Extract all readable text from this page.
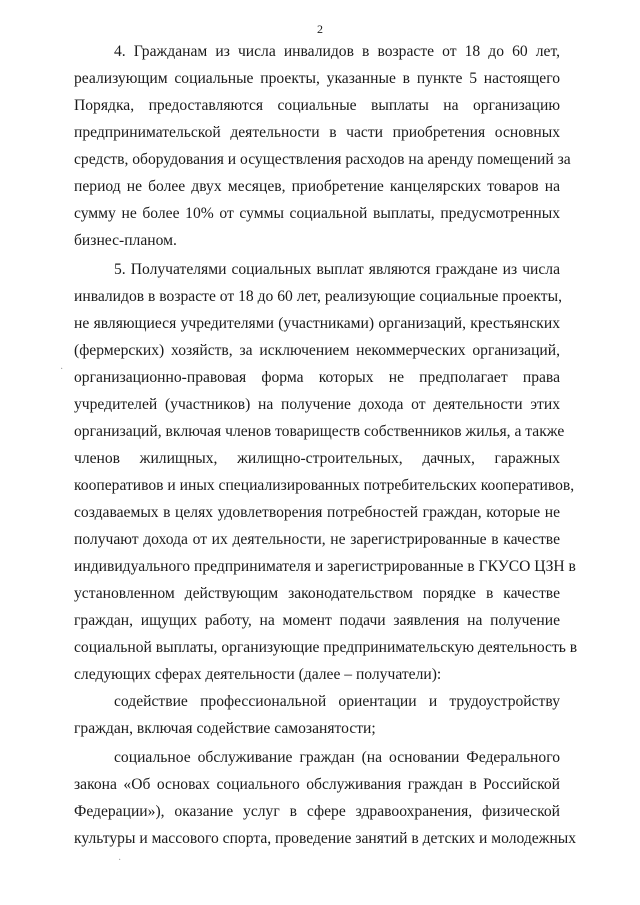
2
4. Гражданам из числа инвалидов в возрасте от 18 до 60 лет,
реализующим социальные проекты, указанные в пункте 5 настоящего
Порядка, предоставляются социальные выплаты на организацию
предпринимательской деятельности в части приобретения основных
средств, оборудования и осуществления расходов на аренду помещений за
период не более двух месяцев, приобретение канцелярских товаров на
сумму не более 10% от суммы социальной выплаты, предусмотренных
бизнес-планом.
5. Получателями социальных выплат являются граждане из числа
инвалидов в возрасте от 18 до 60 лет, реализующие социальные проекты,
не являющиеся учредителями (участниками) организаций, крестьянских
(фермерских) хозяйств, за исключением некоммерческих организаций,
организационно-правовая форма которых не предполагает права
учредителей (участников) на получение дохода от деятельности этих
организаций, включая членов товариществ собственников жилья, а также
членов жилищных, жилищно-строительных, дачных, гаражных
кооперативов и иных специализированных потребительских кооперативов,
создаваемых в целях удовлетворения потребностей граждан, которые не
получают дохода от их деятельности, не зарегистрированные в качестве
индивидуального предпринимателя и зарегистрированные в ГКУСО ЦЗН в
установленном действующим законодательством порядке в качестве
граждан, ищущих работу, на момент подачи заявления на получение
социальной выплаты, организующие предпринимательскую деятельность в
следующих сферах деятельности (далее – получатели):
содействие профессиональной ориентации и трудоустройству
граждан, включая содействие самозанятости;
социальное обслуживание граждан (на основании Федерального
закона «Об основах социального обслуживания граждан в Российской
Федерации»), оказание услуг в сфере здравоохранения, физической
культуры и массового спорта, проведение занятий в детских и молодежных
·
·
